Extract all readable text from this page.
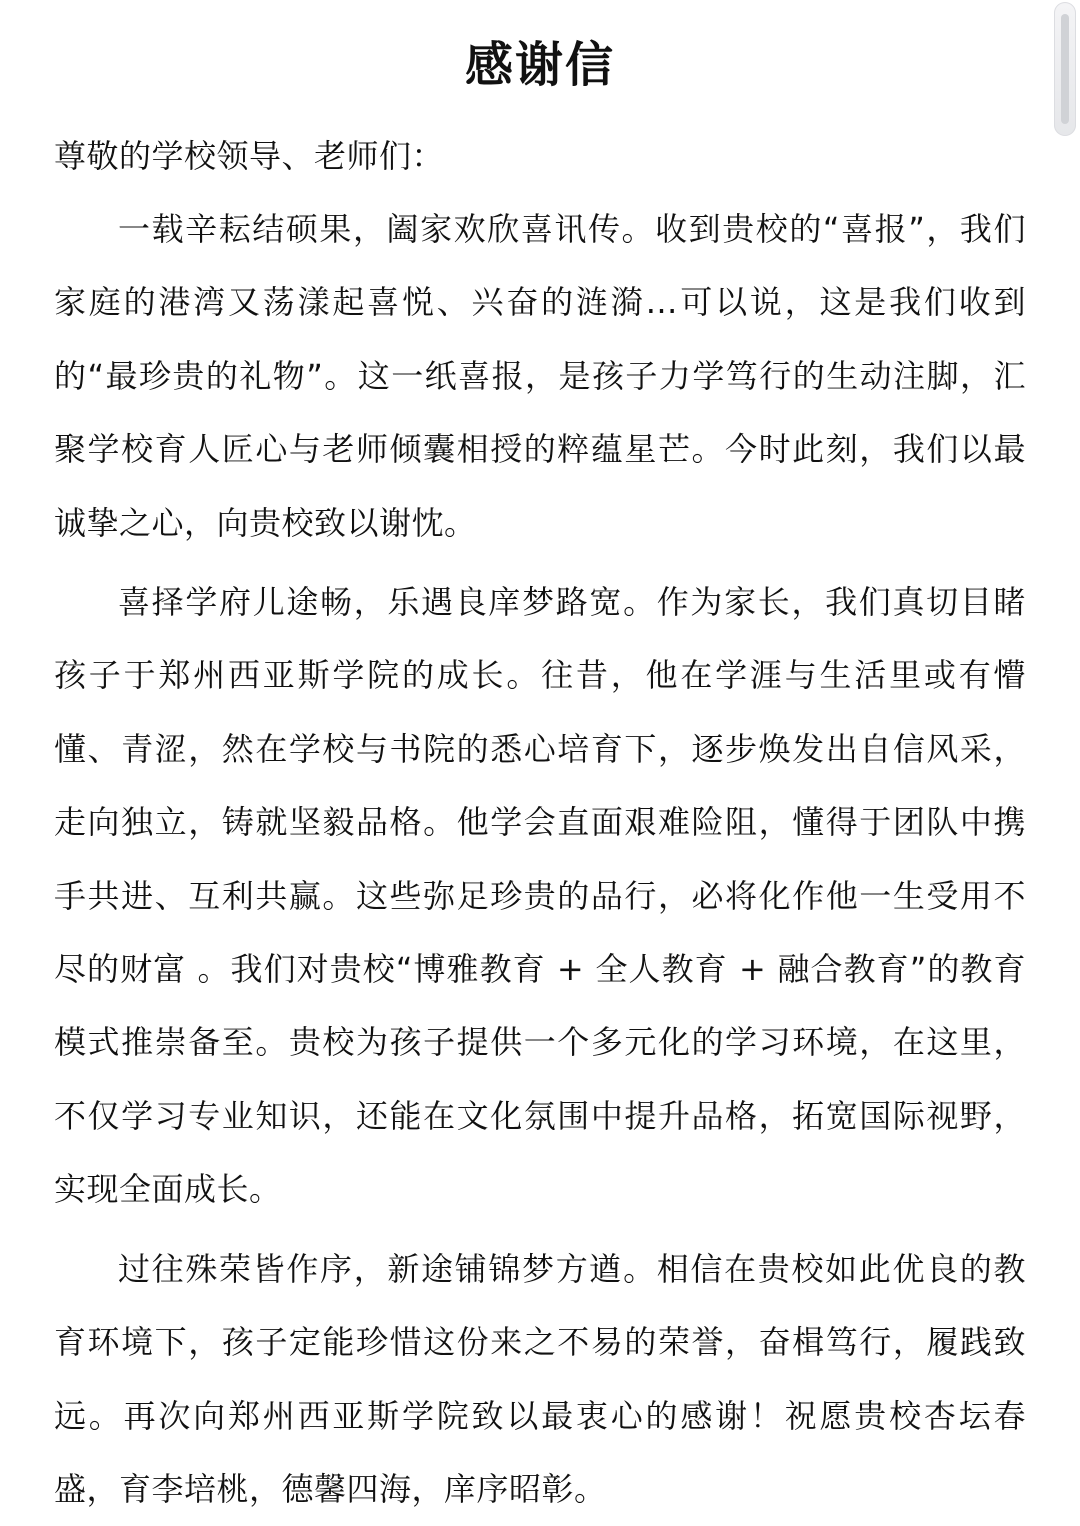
感谢信

尊敬的学校领导、老师们：

一载辛耘结硕果，阖家欢欣喜讯传。收到贵校的“喜报”，我们家庭的港湾又荡漾起喜悦、兴奋的涟漪…可以说，这是我们收到的“最珍贵的礼物”。这一纸喜报，是孩子力学笃行的生动注脚，汇聚学校育人匠心与老师倾囊相授的粹蕴星芒。今时此刻，我们以最诚挚之心，向贵校致以谢忱。

喜择学府儿途畅，乐遇良庠梦路宽。作为家长，我们真切目睹孩子于郑州西亚斯学院的成长。往昔，他在学涯与生活里或有懵懂、青涩，然在学校与书院的悉心培育下，逐步焕发出自信风采，走向独立，铸就坚毅品格。他学会直面艰难险阻，懂得于团队中携手共进、互利共赢。这些弥足珍贵的品行，必将化作他一生受用不尽的财富 。我们对贵校“博雅教育 + 全人教育 + 融合教育”的教育模式推崇备至。贵校为孩子提供一个多元化的学习环境，在这里，不仅学习专业知识，还能在文化氛围中提升品格，拓宽国际视野，实现全面成长。

过往殊荣皆作序，新途铺锦梦方遒。相信在贵校如此优良的教育环境下，孩子定能珍惜这份来之不易的荣誉，奋楫笃行，履践致远。再次向郑州西亚斯学院致以最衷心的感谢！祝愿贵校杏坛春盛，育李培桃，德馨四海，庠序昭彰。
